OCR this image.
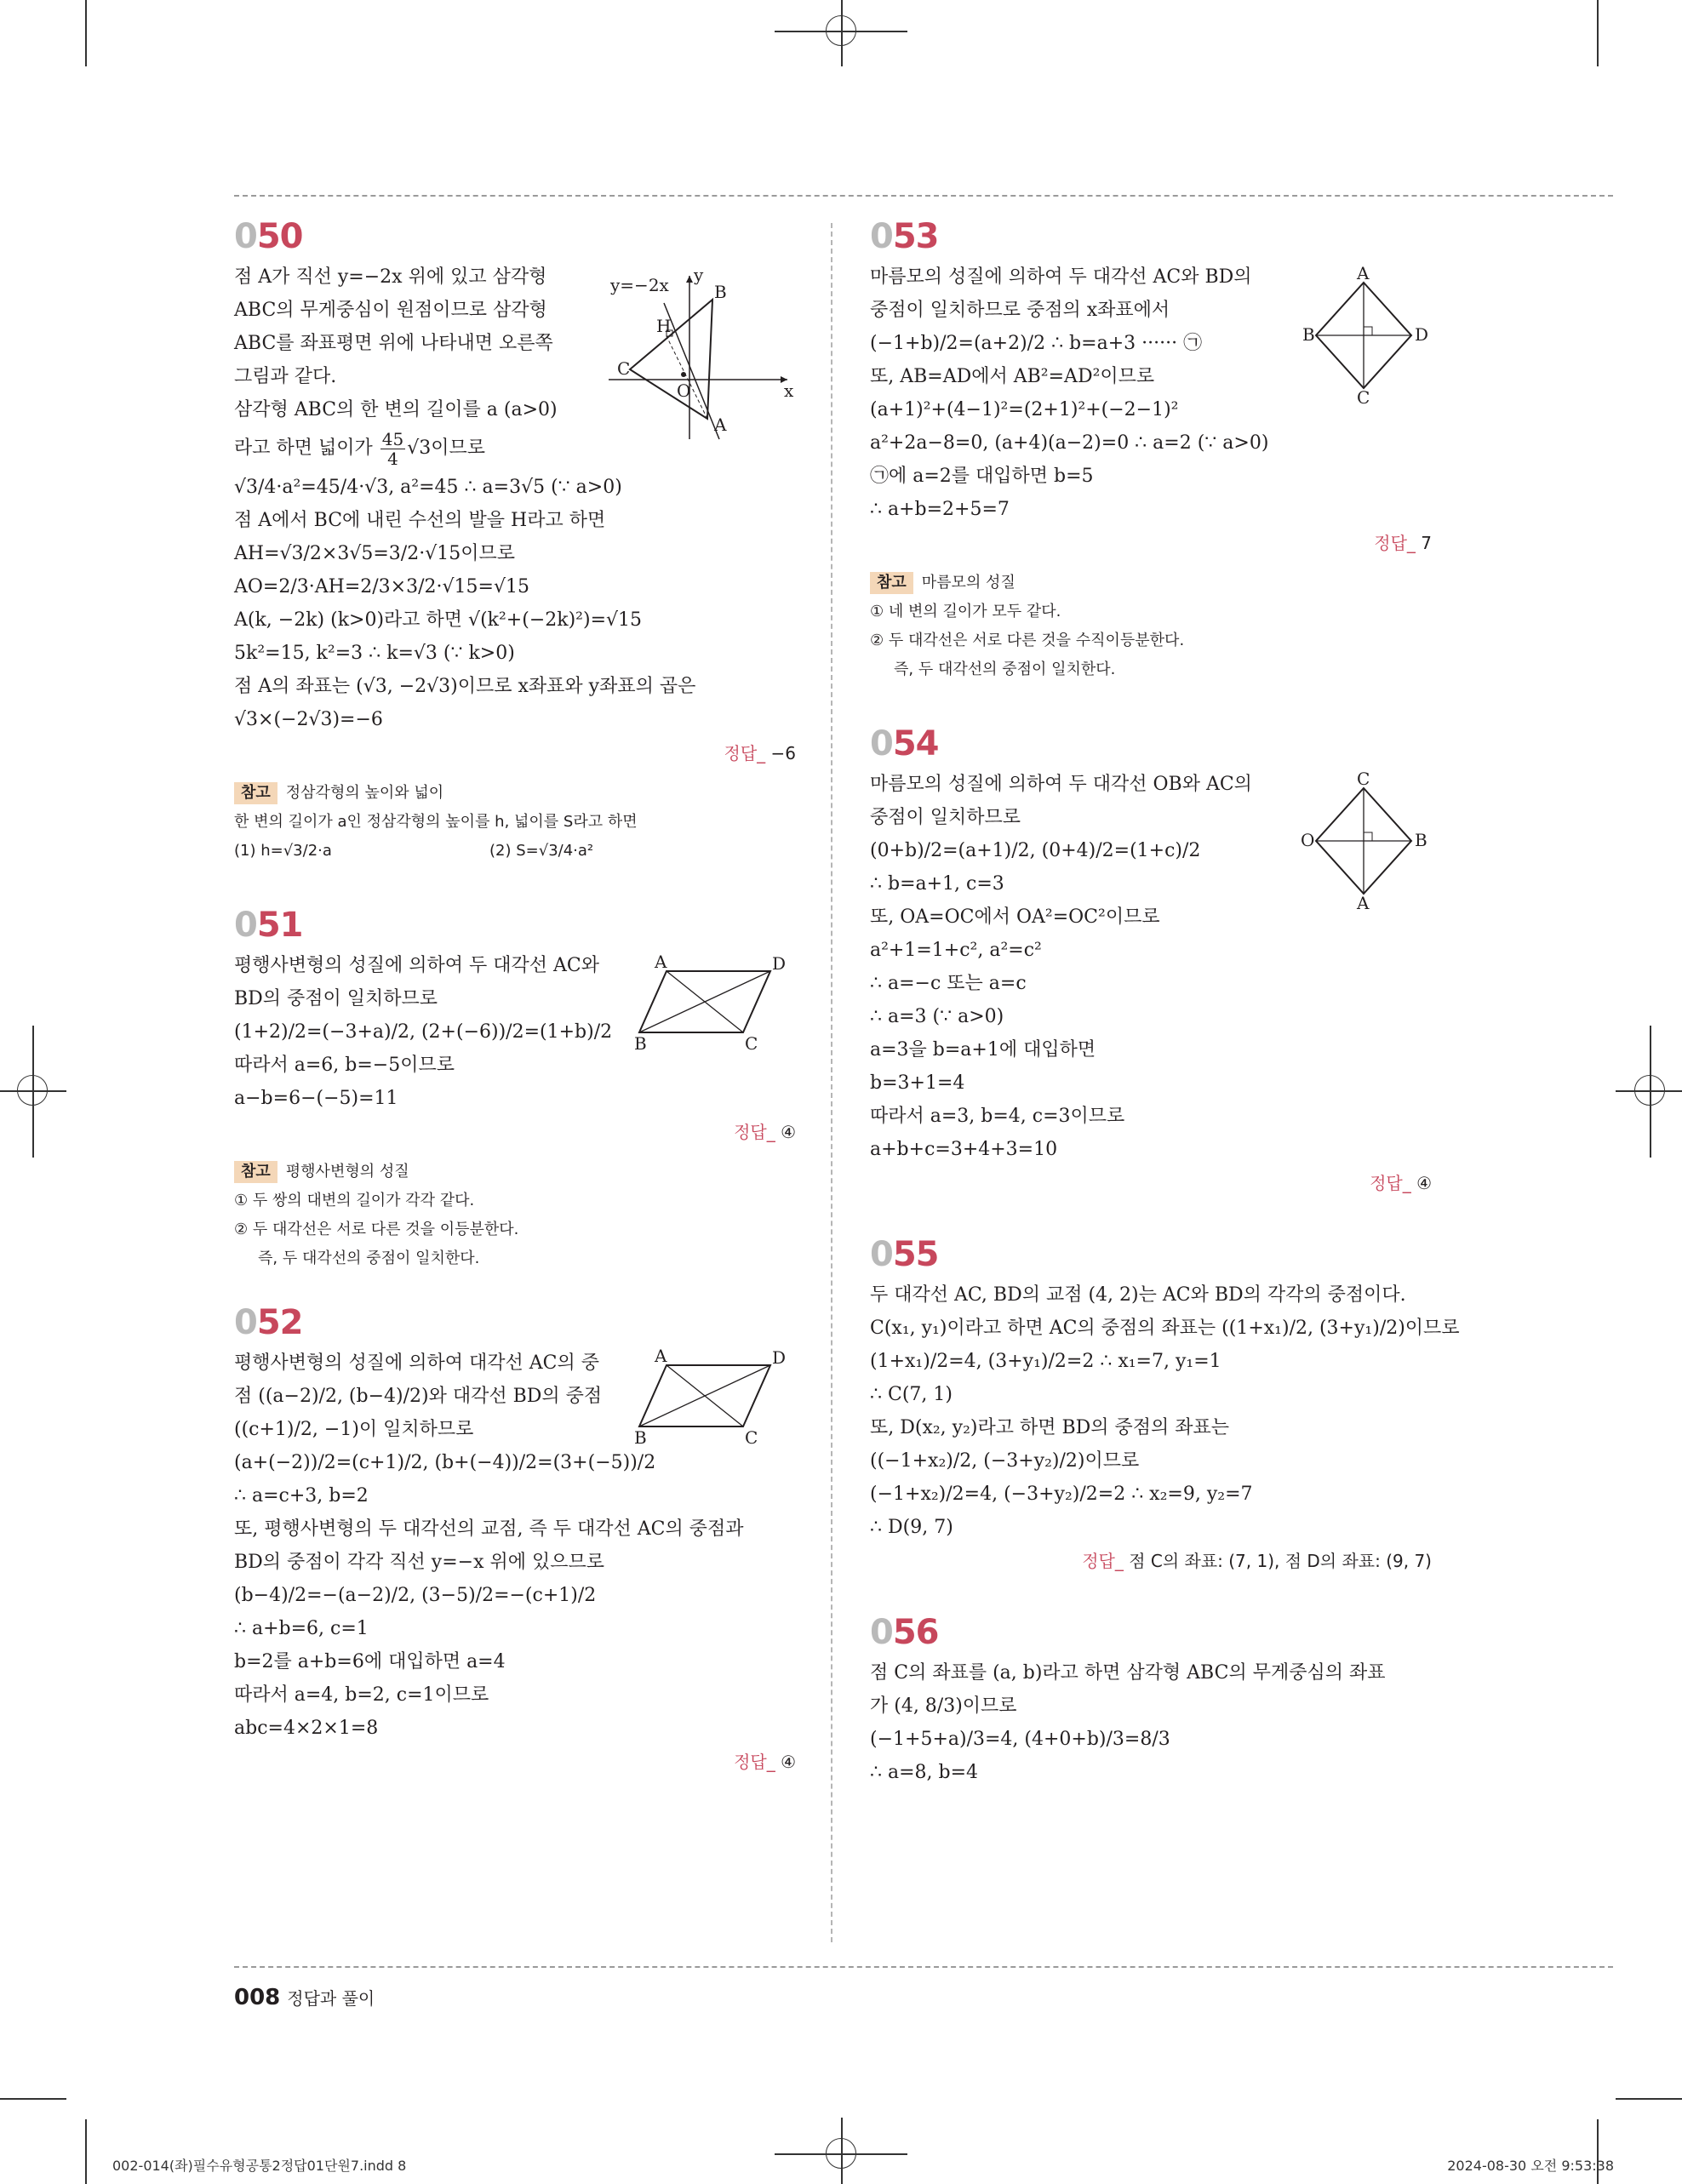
050
점 A가 직선 y=−2x 위에 있고 삼각형
ABC의 무게중심이 원점이므로 삼각형
ABC를 좌표평면 위에 나타내면 오른쪽
그림과 같다.
삼각형 ABC의 한 변의 길이를 a (a>0)
라고 하면 넓이가 $\frac{45}{4} √3$이므로
√3/4·a²=45/4·√3, a²=45 ∴ a=3√5 (∵ a>0)
점 A에서 BC에 내린 수선의 발을 H라고 하면
AH=√3/2×3√5=3/2·√15이므로
AO=2/3·AH=2/3×3/2·√15=√15
A(k, −2k) (k>0)라고 하면 √(k²+(−2k)²)=√15
5k²=15, k²=3 ∴ k=√3 (∵ k>0)
점 A의 좌표는 (√3, −2√3)이므로 x좌표와 y좌표의 곱은
√3×(−2√3)=−6
정답_ −6
참고 정삼각형의 높이와 넓이
한 변의 길이가 a인 정삼각형의 높이를 h, 넓이를 S라고 하면
(1) h=√3/2·a	(2) S=√3/4·a²
y=−2x y
x
B
H
C
O
A
051
평행사변형의 성질에 의하여 두 대각선 AC와
BD의 중점이 일치하므로
(1+2)/2=(−3+a)/2, (2+(−6))/2=(1+b)/2
따라서 a=6, b=−5이므로
a−b=6−(−5)=11
정답_ ④
참고 평행사변형의 성질
① 두 쌍의 대변의 길이가 각각 같다.
② 두 대각선은 서로 다른 것을 이등분한다.
즉, 두 대각선의 중점이 일치한다.
A	D
B	C
052
평행사변형의 성질에 의하여 대각선 AC의 중
점 ((a−2)/2, (b−4)/2)와 대각선 BD의 중점
((c+1)/2, −1)이 일치하므로
(a+(−2))/2=(c+1)/2, (b+(−4))/2=(3+(−5))/2
∴ a=c+3, b=2
또, 평행사변형의 두 대각선의 교점, 즉 두 대각선 AC의 중점과
BD의 중점이 각각 직선 y=−x 위에 있으므로
(b−4)/2=−(a−2)/2, (3−5)/2=−(c+1)/2
∴ a+b=6, c=1
b=2를 a+b=6에 대입하면 a=4
따라서 a=4, b=2, c=1이므로
abc=4×2×1=8
정답_ ④
A	D
B	C
053
마름모의 성질에 의하여 두 대각선 AC와 BD의
중점이 일치하므로 중점의 x좌표에서
(−1+b)/2=(a+2)/2 ∴ b=a+3 ······ ㉠
또, AB=AD에서 AB²=AD²이므로
(a+1)²+(4−1)²=(2+1)²+(−2−1)²
a²+2a−8=0, (a+4)(a−2)=0 ∴ a=2 (∵ a>0)
㉠에 a=2를 대입하면 b=5
∴ a+b=2+5=7
정답_ 7
참고 마름모의 성질
① 네 변의 길이가 모두 같다.
② 두 대각선은 서로 다른 것을 수직이등분한다.
즉, 두 대각선의 중점이 일치한다.
A
B	D
C
054
마름모의 성질에 의하여 두 대각선 OB와 AC의
중점이 일치하므로
(0+b)/2=(a+1)/2, (0+4)/2=(1+c)/2
∴ b=a+1, c=3
또, OA=OC에서 OA²=OC²이므로
a²+1=1+c², a²=c²
∴ a=−c 또는 a=c
∴ a=3 (∵ a>0)
a=3을 b=a+1에 대입하면
b=3+1=4
따라서 a=3, b=4, c=3이므로
a+b+c=3+4+3=10
정답_ ④
C
O	B
A
055
두 대각선 AC, BD의 교점 (4, 2)는 AC와 BD의 각각의 중점이다.
C(x₁, y₁)이라고 하면 AC의 중점의 좌표는 ((1+x₁)/2, (3+y₁)/2)이므로
(1+x₁)/2=4, (3+y₁)/2=2 ∴ x₁=7, y₁=1
∴ C(7, 1)
또, D(x₂, y₂)라고 하면 BD의 중점의 좌표는
((−1+x₂)/2, (−3+y₂)/2)이므로
(−1+x₂)/2=4, (−3+y₂)/2=2 ∴ x₂=9, y₂=7
∴ D(9, 7)
정답_ 점 C의 좌표: (7, 1), 점 D의 좌표: (9, 7)
056
점 C의 좌표를 (a, b)라고 하면 삼각형 ABC의 무게중심의 좌표
가 (4, 8/3)이므로
(−1+5+a)/3=4, (4+0+b)/3=8/3
∴ a=8, b=4
008 정답과 풀이
002-014(좌)필수유형공통2정답01단원7.indd 8	2024-08-30 오전 9:53:38
